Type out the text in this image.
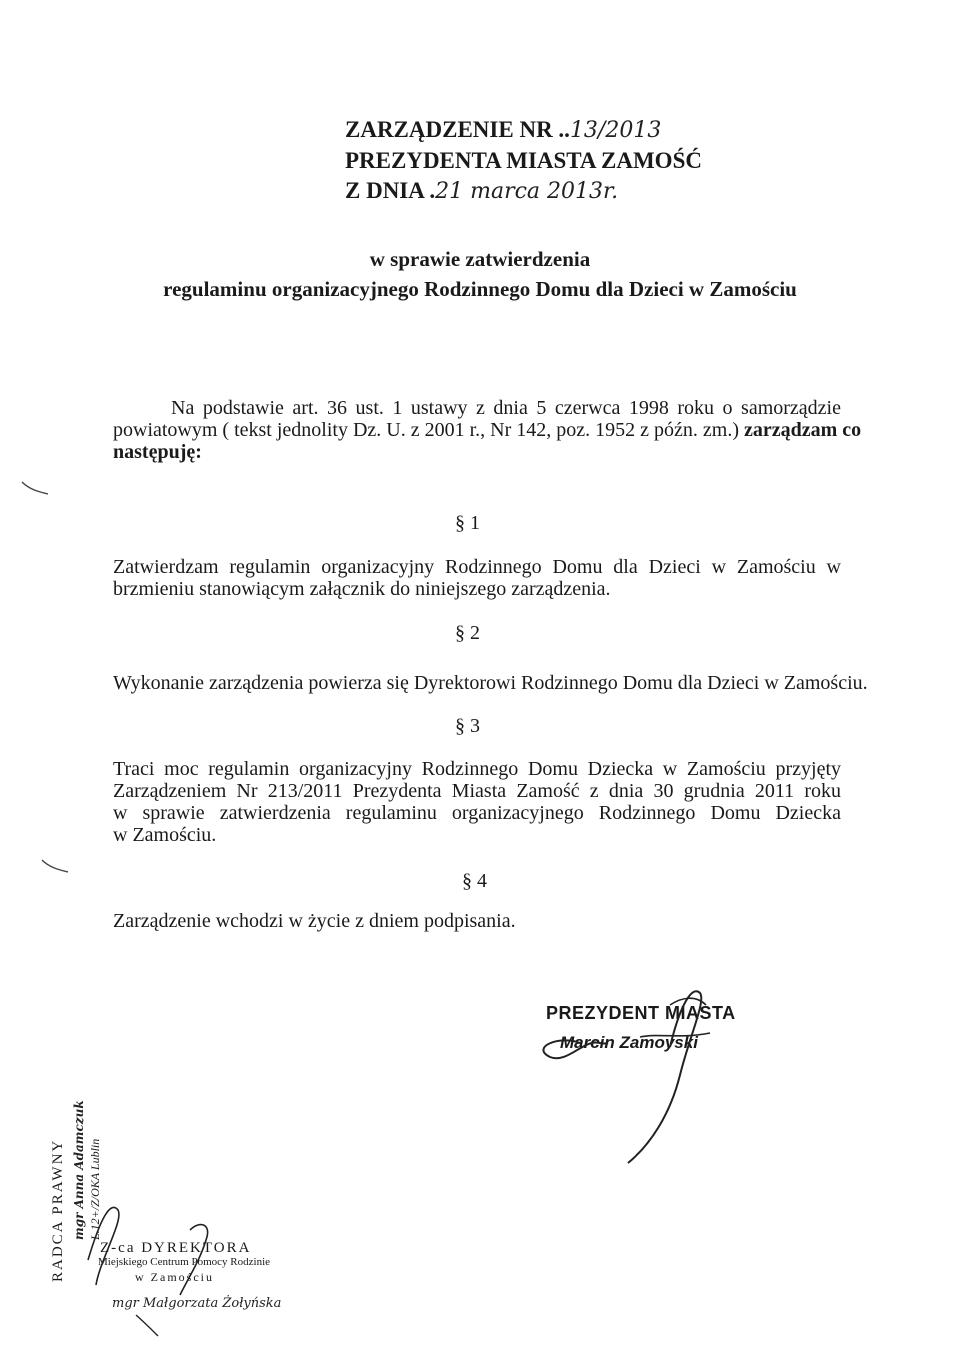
ZARZĄDZENIE NR ..13/2013
PREZYDENTA MIASTA ZAMOŚĆ
Z DNIA .21 marca 2013r.
w sprawie zatwierdzenia
regulaminu organizacyjnego Rodzinnego Domu dla Dzieci w Zamościu
Na podstawie art. 36 ust. 1 ustawy z dnia 5 czerwca 1998 roku o samorządzie
powiatowym ( tekst jednolity Dz. U. z 2001 r., Nr 142, poz. 1952 z późn. zm.) zarządzam co
następuję:
§ 1
Zatwierdzam regulamin organizacyjny Rodzinnego Domu dla Dzieci w Zamościu w
brzmieniu stanowiącym załącznik do niniejszego zarządzenia.
§ 2
Wykonanie zarządzenia powierza się Dyrektorowi Rodzinnego Domu dla Dzieci w Zamościu.
§ 3
Traci moc regulamin organizacyjny Rodzinnego Domu Dziecka w Zamościu przyjęty
Zarządzeniem Nr 213/2011 Prezydenta Miasta Zamość z dnia 30 grudnia 2011 roku
w sprawie zatwierdzenia regulaminu organizacyjnego Rodzinnego Domu Dziecka
w Zamościu.
§ 4
Zarządzenie wchodzi w życie z dniem podpisania.
PREZYDENT MIASTA
Marcin Zamoyski
RADCA PRAWNY mgr Anna Adamczuk L.12+/Z/OKA Lublin
Z-ca DYREKTORA
Miejskiego Centrum Pomocy Rodzinie
w Zamościu
mgr Małgorzata Żołyńska
